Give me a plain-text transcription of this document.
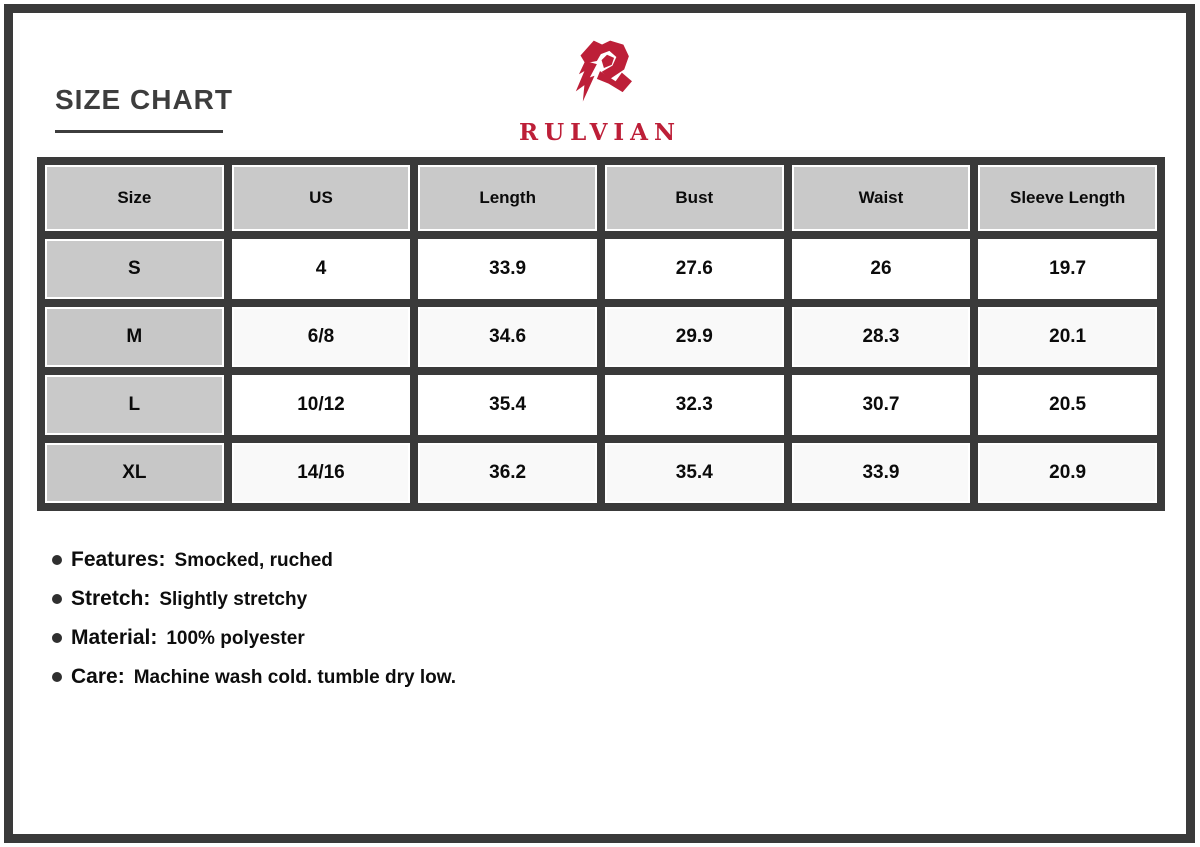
SIZE CHART
RULVIAN
Size	US	Length	Bust	Waist	Sleeve Length
S	4	33.9	27.6	26	19.7
M	6/8	34.6	29.9	28.3	20.1
L	10/12	35.4	32.3	30.7	20.5
XL	14/16	36.2	35.4	33.9	20.9
Features: Smocked, ruched
Stretch: Slightly stretchy
Material: 100% polyester
Care: Machine wash cold. tumble dry low.
